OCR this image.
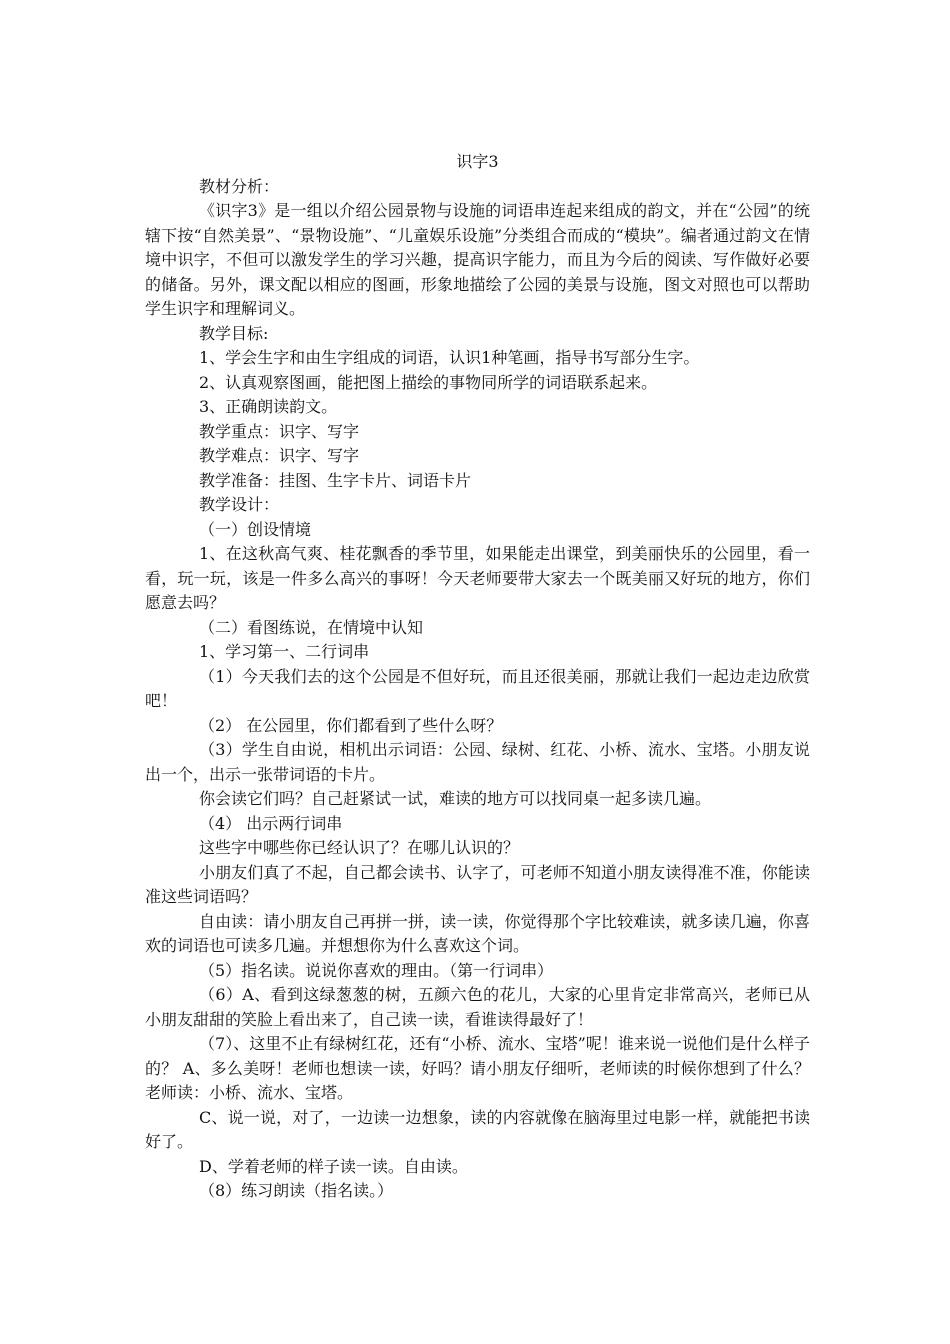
识字3

教材分析：

《识字3》是一组以介绍公园景物与设施的词语串连起来组成的韵文，并在“公园”的统辖下按“自然美景”、“景物设施”、“儿童娱乐设施”分类组合而成的“模块”。编者通过韵文在情境中识字，不但可以激发学生的学习兴趣，提高识字能力，而且为今后的阅读、写作做好必要的储备。另外，课文配以相应的图画，形象地描绘了公园的美景与设施，图文对照也可以帮助学生识字和理解词义。

教学目标:

1、学会生字和由生字组成的词语，认识1种笔画，指导书写部分生字。

2、认真观察图画，能把图上描绘的事物同所学的词语联系起来。

3、正确朗读韵文。

教学重点：识字、写字

教学难点：识字、写字

教学准备：挂图、生字卡片、词语卡片

教学设计：

（一）创设情境

1、在这秋高气爽、桂花飘香的季节里，如果能走出课堂，到美丽快乐的公园里，看一看，玩一玩，该是一件多么高兴的事呀！今天老师要带大家去一个既美丽又好玩的地方，你们愿意去吗？

（二）看图练说，在情境中认知

1、学习第一、二行词串

（1）今天我们去的这个公园是不但好玩，而且还很美丽，那就让我们一起边走边欣赏吧！

（2） 在公园里，你们都看到了些什么呀？

（3）学生自由说，相机出示词语：公园、绿树、红花、小桥、流水、宝塔。小朋友说出一个，出示一张带词语的卡片。

你会读它们吗？自己赶紧试一试，难读的地方可以找同桌一起多读几遍。

（4） 出示两行词串

这些字中哪些你已经认识了？在哪儿认识的？

小朋友们真了不起，自己都会读书、认字了，可老师不知道小朋友读得准不准，你能读准这些词语吗？

自由读：请小朋友自己再拼一拼，读一读，你觉得那个字比较难读，就多读几遍，你喜欢的词语也可读多几遍。并想想你为什么喜欢这个词。

（5）指名读。说说你喜欢的理由。（第一行词串）

（6）A、看到这绿葱葱的树，五颜六色的花儿，大家的心里肯定非常高兴，老师已从小朋友甜甜的笑脸上看出来了，自己读一读，看谁读得最好了！

（7）、这里不止有绿树红花，还有“小桥、流水、宝塔”呢！谁来说一说他们是什么样子的？ A、多么美呀！老师也想读一读，好吗？请小朋友仔细听，老师读的时候你想到了什么？老师读：小桥、流水、宝塔。

C、说一说，对了，一边读一边想象，读的内容就像在脑海里过电影一样，就能把书读好了。

D、学着老师的样子读一读。自由读。

（8）练习朗读（指名读。）
